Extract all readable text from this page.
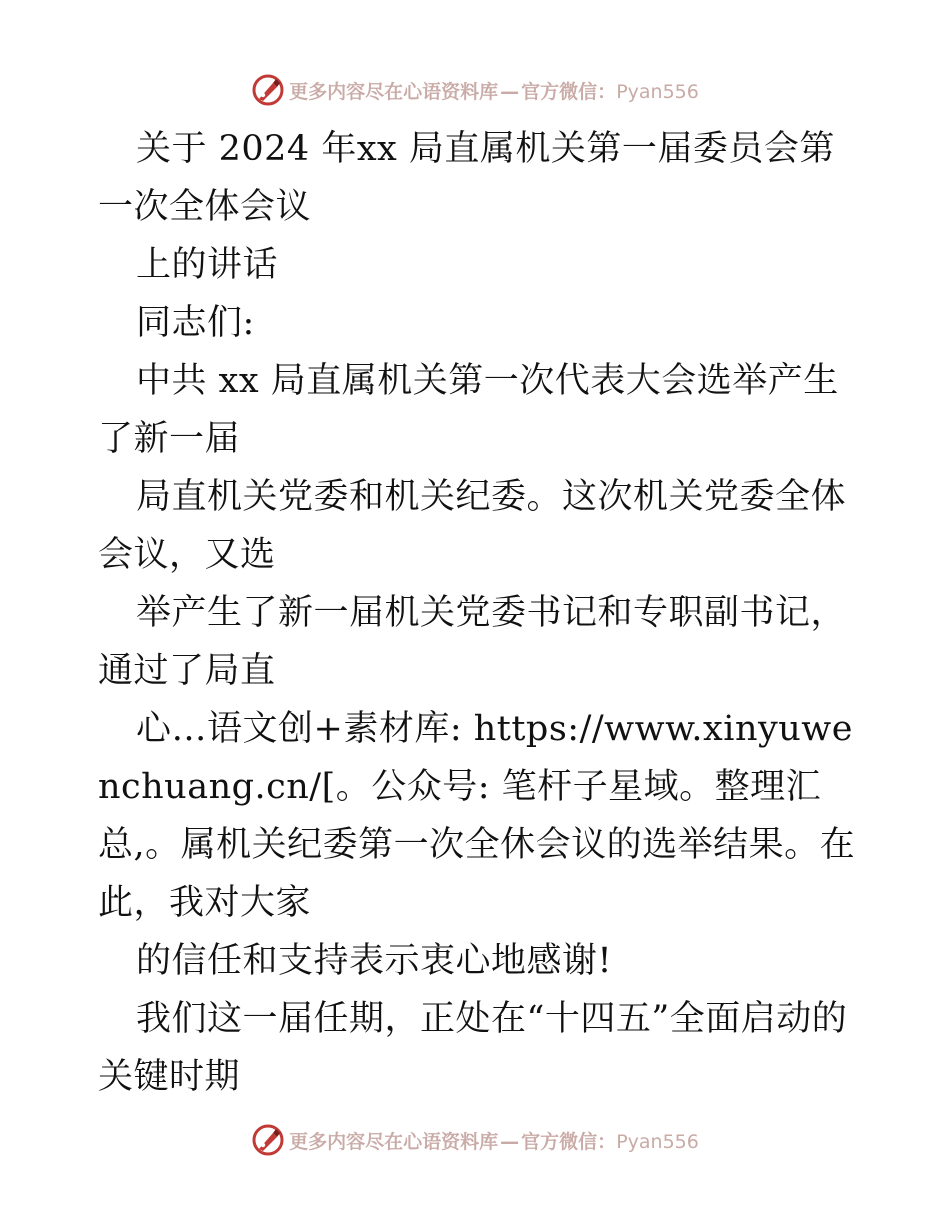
更多内容尽在心语资料库 — 官方微信：Pyan556

关于 2024 年xx 局直属机关第一届委员会第一次全体会议

上的讲话

同志们:

中共 xx 局直属机关第一次代表大会选举产生了新一届

局直机关党委和机关纪委。这次机关党委全体会议，又选

举产生了新一届机关党委书记和专职副书记，通过了局直

心…语文创+素材库: https://www.xinyuwenchuang.cn/[。公众号: 笔杆子星域。整理汇总,。属机关纪委第一次全休会议的选举结果。在此，我对大家

的信任和支持表示衷心地感谢!

我们这一届任期，正处在“十四五”全面启动的关键时期

更多内容尽在心语资料库 — 官方微信：Pyan556
